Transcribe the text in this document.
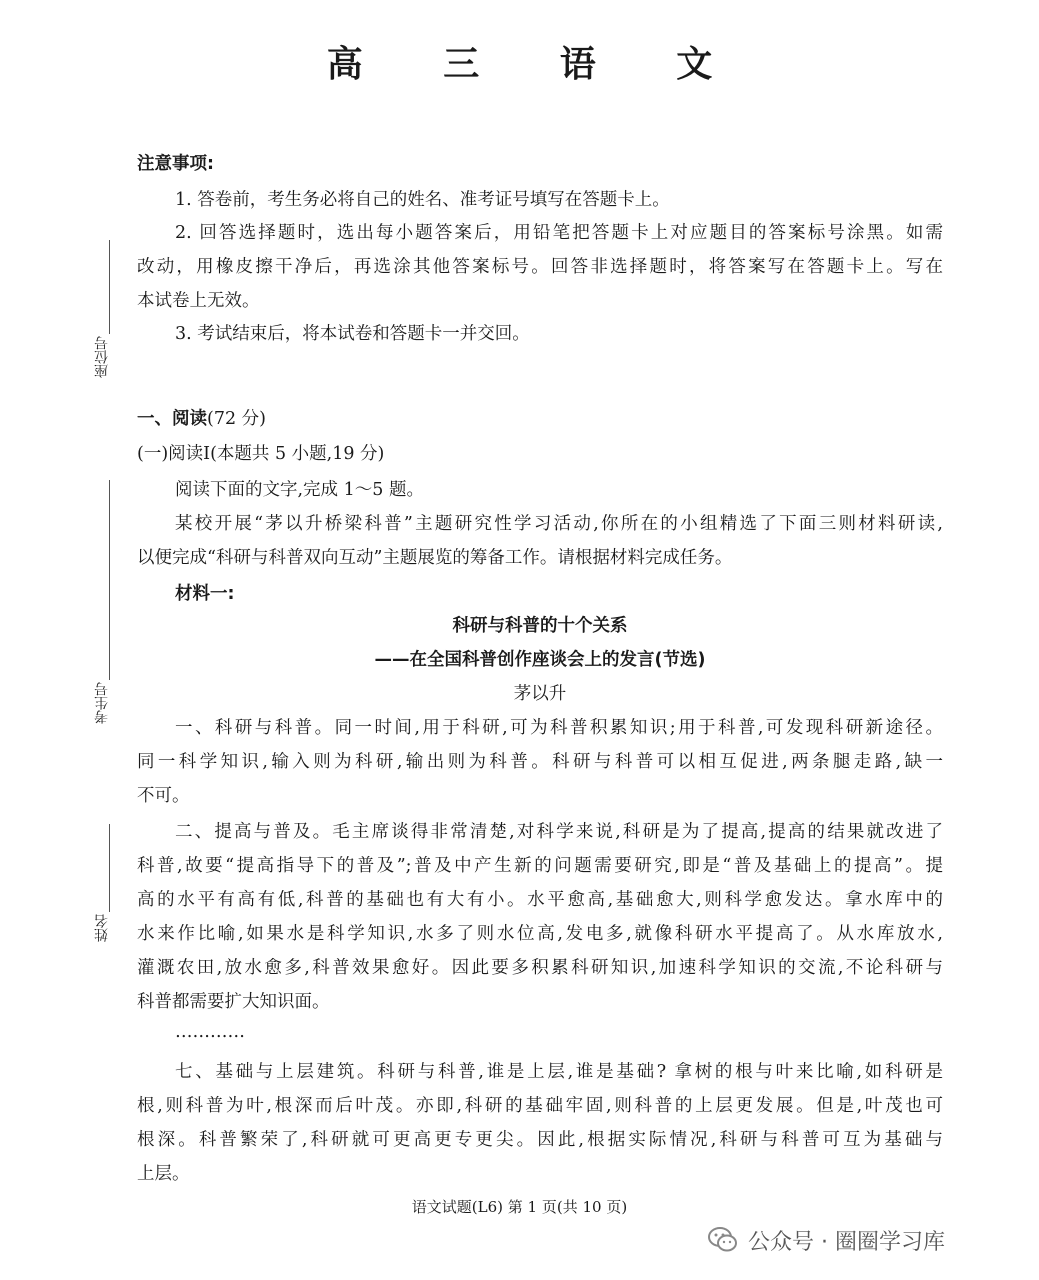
高 三 语 文
座位号
考生号
姓名
注意事项:
1. 答卷前，考生务必将自己的姓名、准考证号填写在答题卡上。
2. 回答选择题时，选出每小题答案后，用铅笔把答题卡上对应题目的答案标号涂黑。如需
改动，用橡皮擦干净后，再选涂其他答案标号。回答非选择题时，将答案写在答题卡上。写在
本试卷上无效。
3. 考试结束后，将本试卷和答题卡一并交回。
一、阅读(72 分)
(一)阅读Ⅰ(本题共 5 小题,19 分)
阅读下面的文字,完成 1～5 题。
某校开展“茅以升桥梁科普”主题研究性学习活动,你所在的小组精选了下面三则材料研读,
以便完成“科研与科普双向互动”主题展览的筹备工作。请根据材料完成任务。
材料一:
科研与科普的十个关系
——在全国科普创作座谈会上的发言(节选)
茅以升
一、科研与科普。同一时间,用于科研,可为科普积累知识;用于科普,可发现科研新途径。
同一科学知识,输入则为科研,输出则为科普。科研与科普可以相互促进,两条腿走路,缺一
不可。
二、提高与普及。毛主席谈得非常清楚,对科学来说,科研是为了提高,提高的结果就改进了
科普,故要“提高指导下的普及”;普及中产生新的问题需要研究,即是“普及基础上的提高”。提
高的水平有高有低,科普的基础也有大有小。水平愈高,基础愈大,则科学愈发达。拿水库中的
水来作比喻,如果水是科学知识,水多了则水位高,发电多,就像科研水平提高了。从水库放水,
灌溉农田,放水愈多,科普效果愈好。因此要多积累科研知识,加速科学知识的交流,不论科研与
科普都需要扩大知识面。
…………
七、基础与上层建筑。科研与科普,谁是上层,谁是基础? 拿树的根与叶来比喻,如科研是
根,则科普为叶,根深而后叶茂。亦即,科研的基础牢固,则科普的上层更发展。但是,叶茂也可
根深。科普繁荣了,科研就可更高更专更尖。因此,根据实际情况,科研与科普可互为基础与
上层。
语文试题(L6) 第 1 页(共 10 页)
公众号 · 圈圈学习库
